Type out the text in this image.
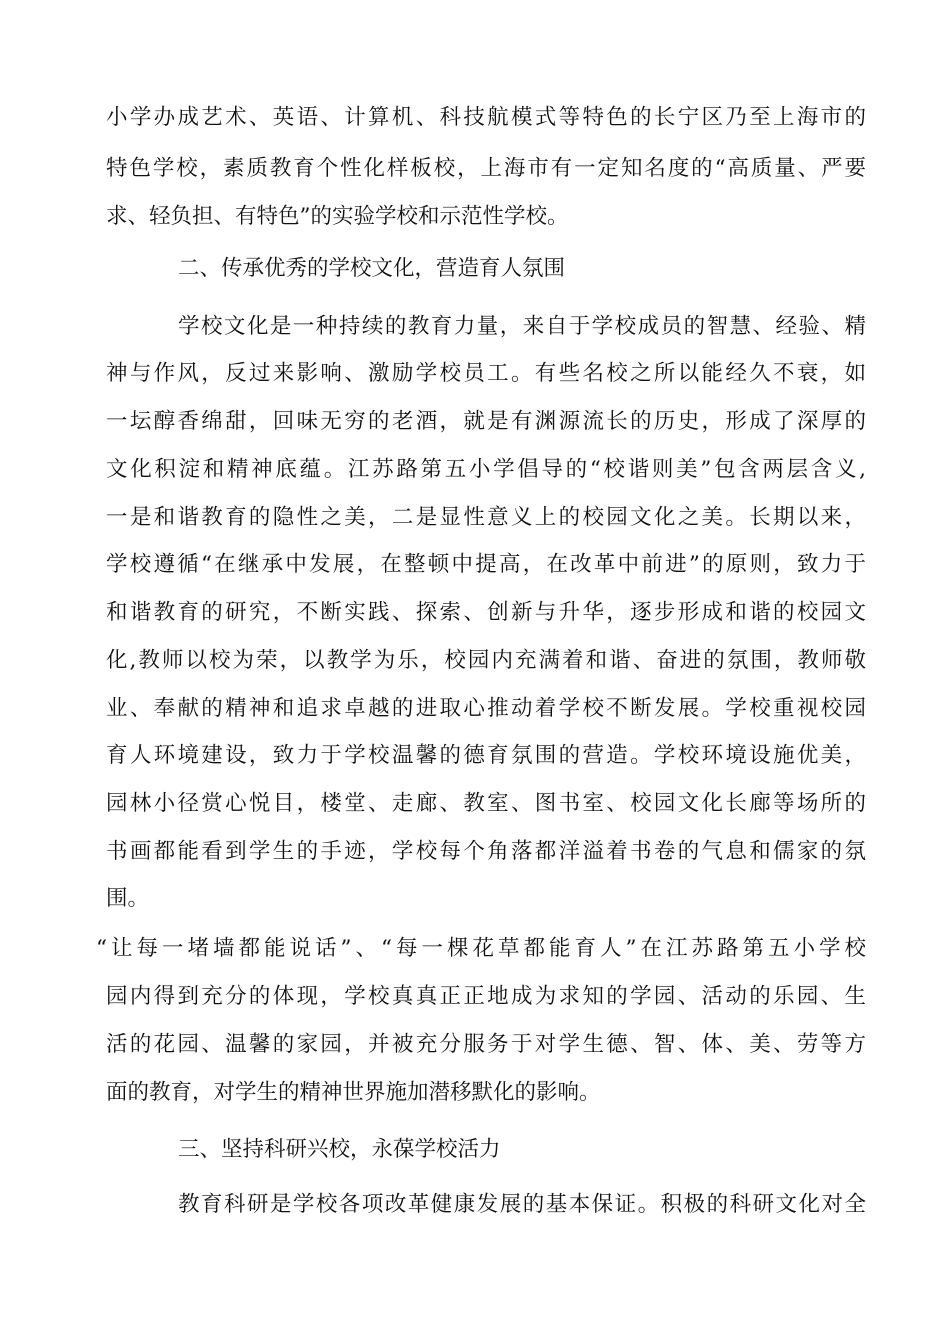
小学办成艺术、英语、计算机、科技航模式等特色的长宁区乃至上海市的
特色学校，素质教育个性化样板校，上海市有一定知名度的“高质量、严要
求、轻负担、有特色”的实验学校和示范性学校。
二、传承优秀的学校文化，营造育人氛围
学校文化是一种持续的教育力量，来自于学校成员的智慧、经验、精
神与作风，反过来影响、激励学校员工。有些名校之所以能经久不衰，如
一坛醇香绵甜，回味无穷的老酒，就是有渊源流长的历史，形成了深厚的
文化积淀和精神底蕴。江苏路第五小学倡导的“校谐则美”包含两层含义,
一是和谐教育的隐性之美，二是显性意义上的校园文化之美。长期以来，
学校遵循“在继承中发展，在整顿中提高，在改革中前进”的原则，致力于
和谐教育的研究，不断实践、探索、创新与升华，逐步形成和谐的校园文
化,教师以校为荣，以教学为乐，校园内充满着和谐、奋进的氛围，教师敬
业、奉献的精神和追求卓越的进取心推动着学校不断发展。学校重视校园
育人环境建设，致力于学校温馨的德育氛围的营造。学校环境设施优美，
园林小径赏心悦目，楼堂、走廊、教室、图书室、校园文化长廊等场所的
书画都能看到学生的手迹，学校每个角落都洋溢着书卷的气息和儒家的氛
围。
“让每一堵墙都能说话”、“每一棵花草都能育人”在江苏路第五小学校
园内得到充分的体现，学校真真正正地成为求知的学园、活动的乐园、生
活的花园、温馨的家园，并被充分服务于对学生德、智、体、美、劳等方
面的教育，对学生的精神世界施加潜移默化的影响。
三、坚持科研兴校，永葆学校活力
教育科研是学校各项改革健康发展的基本保证。积极的科研文化对全
